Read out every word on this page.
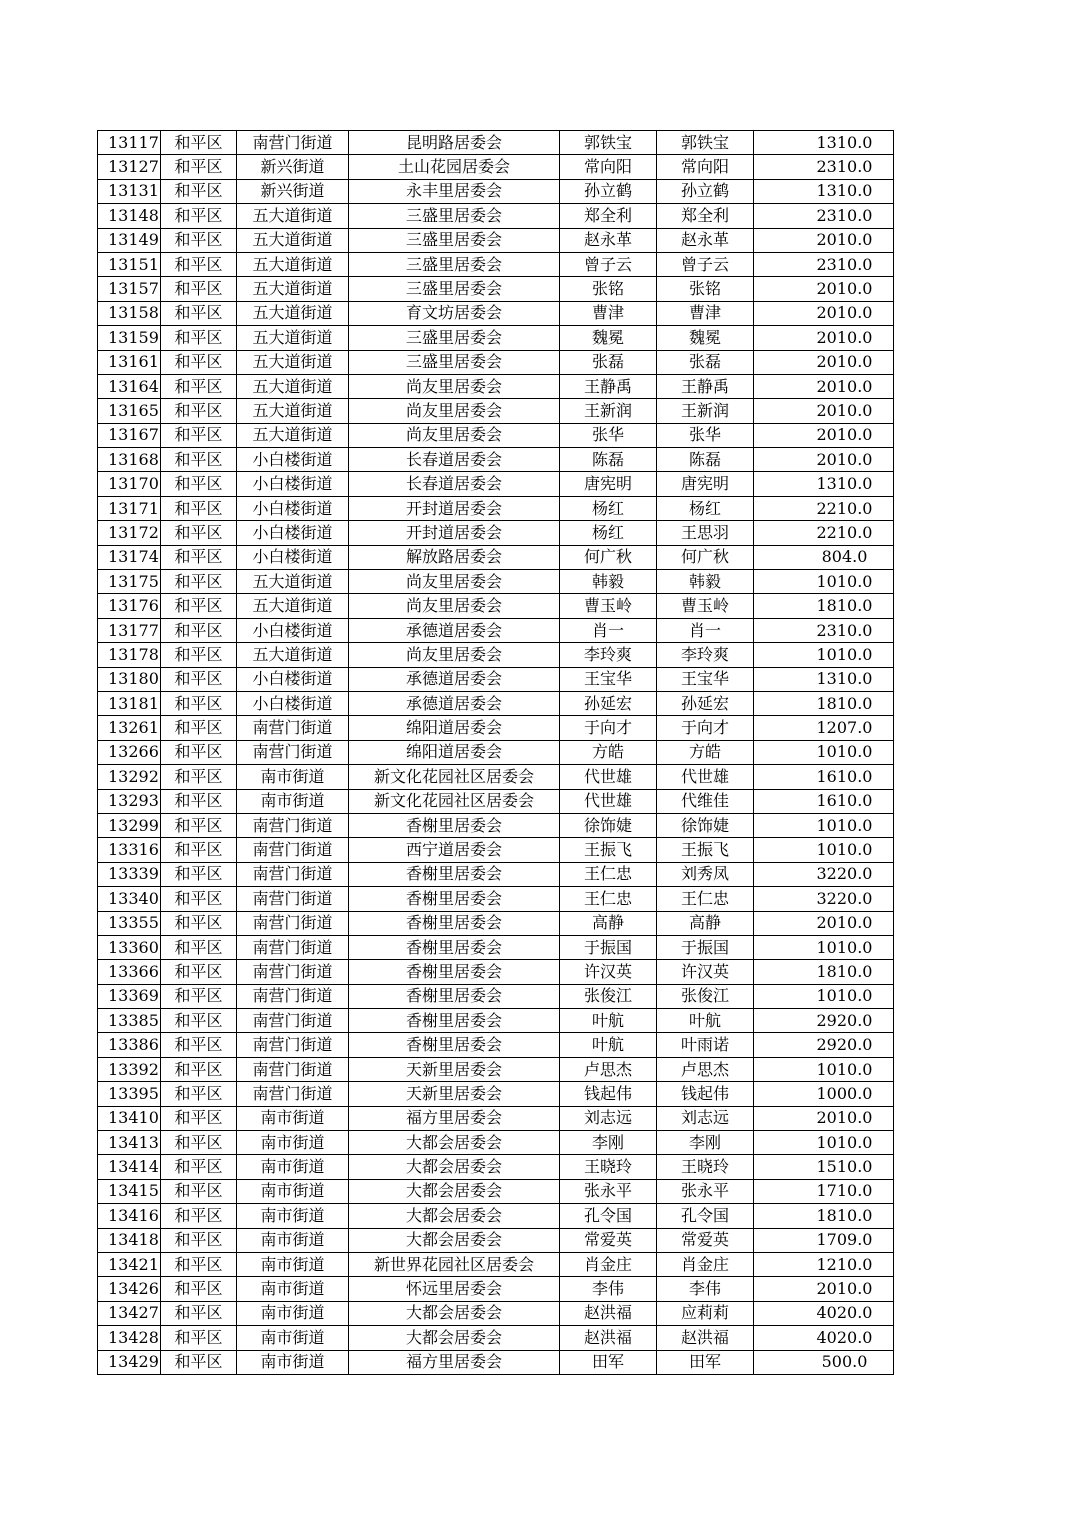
13117	和平区	南营门街道	昆明路居委会	郭铁宝	郭铁宝	1310.0
13127	和平区	新兴街道	土山花园居委会	常向阳	常向阳	2310.0
13131	和平区	新兴街道	永丰里居委会	孙立鹤	孙立鹤	1310.0
13148	和平区	五大道街道	三盛里居委会	郑全利	郑全利	2310.0
13149	和平区	五大道街道	三盛里居委会	赵永革	赵永革	2010.0
13151	和平区	五大道街道	三盛里居委会	曾子云	曾子云	2310.0
13157	和平区	五大道街道	三盛里居委会	张铭	张铭	2010.0
13158	和平区	五大道街道	育文坊居委会	曹津	曹津	2010.0
13159	和平区	五大道街道	三盛里居委会	魏冕	魏冕	2010.0
13161	和平区	五大道街道	三盛里居委会	张磊	张磊	2010.0
13164	和平区	五大道街道	尚友里居委会	王静禹	王静禹	2010.0
13165	和平区	五大道街道	尚友里居委会	王新润	王新润	2010.0
13167	和平区	五大道街道	尚友里居委会	张华	张华	2010.0
13168	和平区	小白楼街道	长春道居委会	陈磊	陈磊	2010.0
13170	和平区	小白楼街道	长春道居委会	唐宪明	唐宪明	1310.0
13171	和平区	小白楼街道	开封道居委会	杨红	杨红	2210.0
13172	和平区	小白楼街道	开封道居委会	杨红	王思羽	2210.0
13174	和平区	小白楼街道	解放路居委会	何广秋	何广秋	804.0
13175	和平区	五大道街道	尚友里居委会	韩毅	韩毅	1010.0
13176	和平区	五大道街道	尚友里居委会	曹玉岭	曹玉岭	1810.0
13177	和平区	小白楼街道	承德道居委会	肖一	肖一	2310.0
13178	和平区	五大道街道	尚友里居委会	李玲爽	李玲爽	1010.0
13180	和平区	小白楼街道	承德道居委会	王宝华	王宝华	1310.0
13181	和平区	小白楼街道	承德道居委会	孙延宏	孙延宏	1810.0
13261	和平区	南营门街道	绵阳道居委会	于向才	于向才	1207.0
13266	和平区	南营门街道	绵阳道居委会	方皓	方皓	1010.0
13292	和平区	南市街道	新文化花园社区居委会	代世雄	代世雄	1610.0
13293	和平区	南市街道	新文化花园社区居委会	代世雄	代维佳	1610.0
13299	和平区	南营门街道	香榭里居委会	徐饰婕	徐饰婕	1010.0
13316	和平区	南营门街道	西宁道居委会	王振飞	王振飞	1010.0
13339	和平区	南营门街道	香榭里居委会	王仁忠	刘秀凤	3220.0
13340	和平区	南营门街道	香榭里居委会	王仁忠	王仁忠	3220.0
13355	和平区	南营门街道	香榭里居委会	高静	高静	2010.0
13360	和平区	南营门街道	香榭里居委会	于振国	于振国	1010.0
13366	和平区	南营门街道	香榭里居委会	许汉英	许汉英	1810.0
13369	和平区	南营门街道	香榭里居委会	张俊江	张俊江	1010.0
13385	和平区	南营门街道	香榭里居委会	叶航	叶航	2920.0
13386	和平区	南营门街道	香榭里居委会	叶航	叶雨诺	2920.0
13392	和平区	南营门街道	天新里居委会	卢思杰	卢思杰	1010.0
13395	和平区	南营门街道	天新里居委会	钱起伟	钱起伟	1000.0
13410	和平区	南市街道	福方里居委会	刘志远	刘志远	2010.0
13413	和平区	南市街道	大都会居委会	李刚	李刚	1010.0
13414	和平区	南市街道	大都会居委会	王晓玲	王晓玲	1510.0
13415	和平区	南市街道	大都会居委会	张永平	张永平	1710.0
13416	和平区	南市街道	大都会居委会	孔令国	孔令国	1810.0
13418	和平区	南市街道	大都会居委会	常爱英	常爱英	1709.0
13421	和平区	南市街道	新世界花园社区居委会	肖金庄	肖金庄	1210.0
13426	和平区	南市街道	怀远里居委会	李伟	李伟	2010.0
13427	和平区	南市街道	大都会居委会	赵洪福	应莉莉	4020.0
13428	和平区	南市街道	大都会居委会	赵洪福	赵洪福	4020.0
13429	和平区	南市街道	福方里居委会	田军	田军	500.0
